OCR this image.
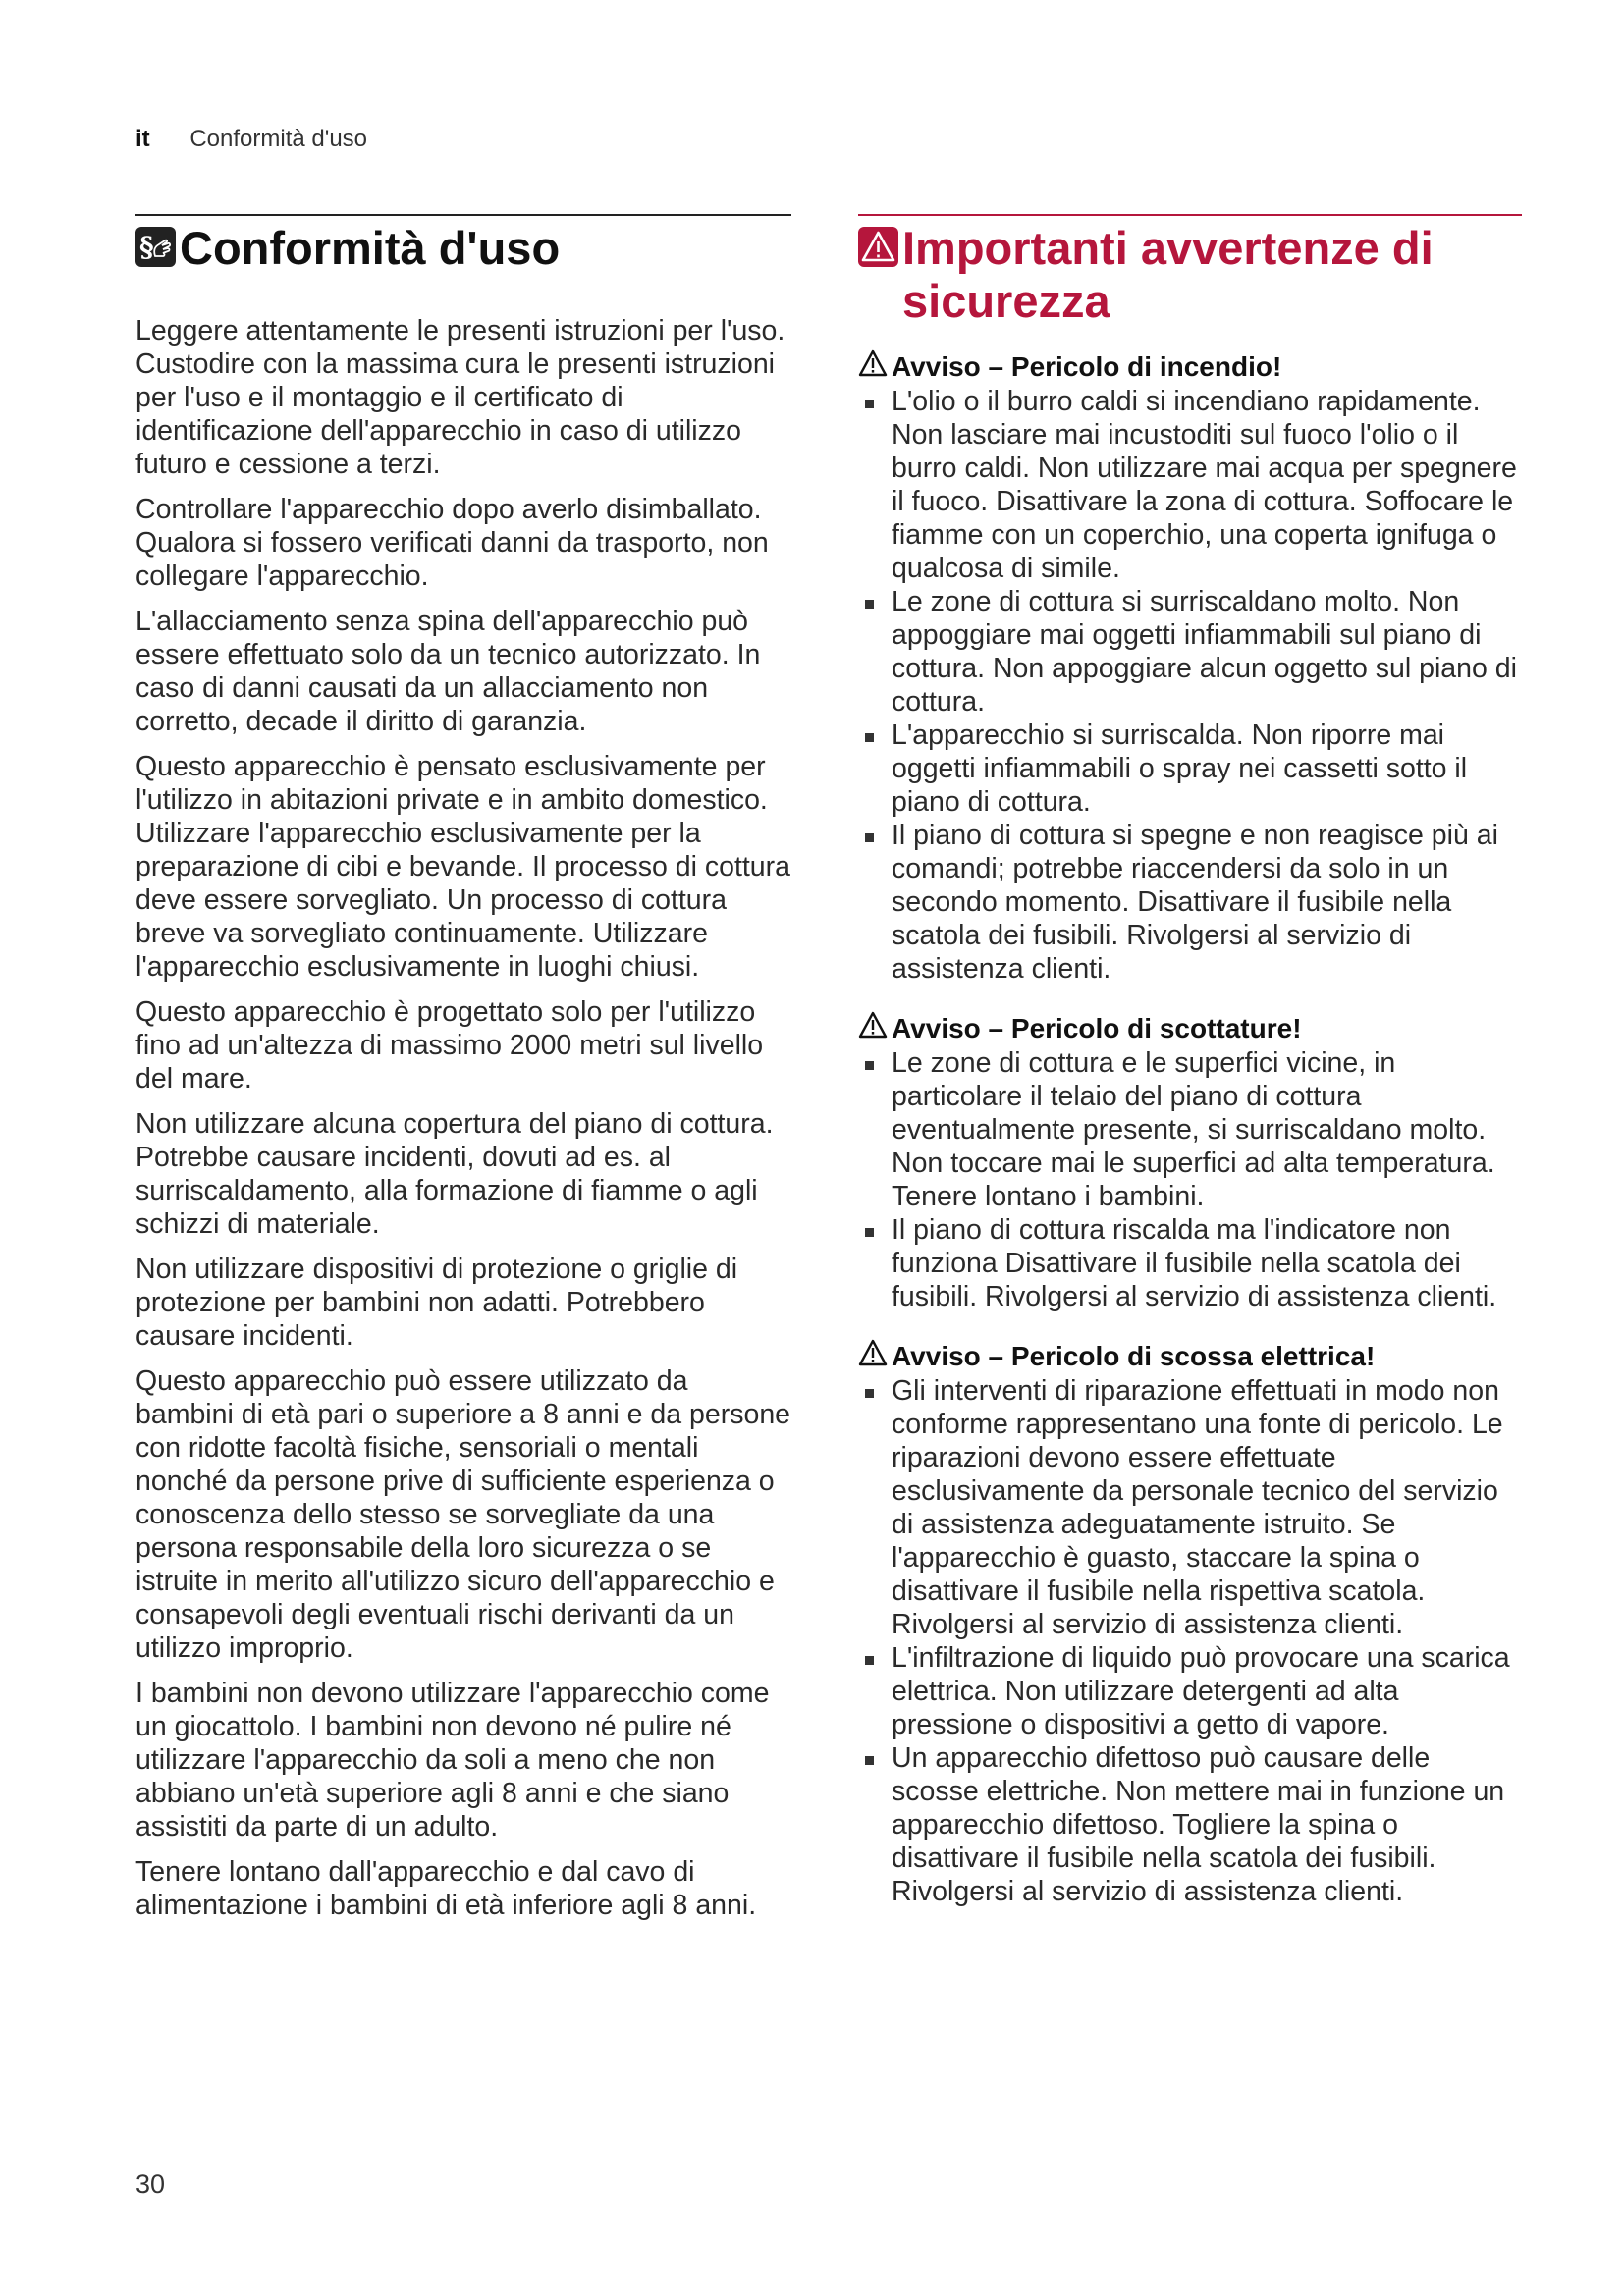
it Conformità d'uso
§ Conformità d'uso

Leggere attentamente le presenti istruzioni per l'uso. Custodire con la massima cura le presenti istruzioni per l'uso e il montaggio e il certificato di identificazione dell'apparecchio in caso di utilizzo futuro e cessione a terzi.

Controllare l'apparecchio dopo averlo disimballato. Qualora si fossero verificati danni da trasporto, non collegare l'apparecchio.

L'allacciamento senza spina dell'apparecchio può essere effettuato solo da un tecnico autorizzato. In caso di danni causati da un allacciamento non corretto, decade il diritto di garanzia.

Questo apparecchio è pensato esclusivamente per l'utilizzo in abitazioni private e in ambito domestico. Utilizzare l'apparecchio esclusivamente per la preparazione di cibi e bevande. Il processo di cottura deve essere sorvegliato. Un processo di cottura breve va sorvegliato continuamente. Utilizzare l'apparecchio esclusivamente in luoghi chiusi.

Questo apparecchio è progettato solo per l'utilizzo fino ad un'altezza di massimo 2000 metri sul livello del mare.

Non utilizzare alcuna copertura del piano di cottura. Potrebbe causare incidenti, dovuti ad es. al surriscaldamento, alla formazione di fiamme o agli schizzi di materiale.

Non utilizzare dispositivi di protezione o griglie di protezione per bambini non adatti. Potrebbero causare incidenti.

Questo apparecchio può essere utilizzato da bambini di età pari o superiore a 8 anni e da persone con ridotte facoltà fisiche, sensoriali o mentali nonché da persone prive di sufficiente esperienza o conoscenza dello stesso se sorvegliate da una persona responsabile della loro sicurezza o se istruite in merito all'utilizzo sicuro dell'apparecchio e consapevoli degli eventuali rischi derivanti da un utilizzo improprio.

I bambini non devono utilizzare l'apparecchio come un giocattolo. I bambini non devono né pulire né utilizzare l'apparecchio da soli a meno che non abbiano un'età superiore agli 8 anni e che siano assistiti da parte di un adulto.

Tenere lontano dall'apparecchio e dal cavo di alimentazione i bambini di età inferiore agli 8 anni.

Importanti avvertenze di sicurezza
Avviso – Pericolo di incendio!
L'olio o il burro caldi si incendiano rapidamente. Non lasciare mai incustoditi sul fuoco l'olio o il burro caldi. Non utilizzare mai acqua per spegnere il fuoco. Disattivare la zona di cottura. Soffocare le fiamme con un coperchio, una coperta ignifuga o qualcosa di simile.
Le zone di cottura si surriscaldano molto. Non appoggiare mai oggetti infiammabili sul piano di cottura. Non appoggiare alcun oggetto sul piano di cottura.
L'apparecchio si surriscalda. Non riporre mai oggetti infiammabili o spray nei cassetti sotto il piano di cottura.
Il piano di cottura si spegne e non reagisce più ai comandi; potrebbe riaccendersi da solo in un secondo momento. Disattivare il fusibile nella scatola dei fusibili. Rivolgersi al servizio di assistenza clienti.
Avviso – Pericolo di scottature!
Le zone di cottura e le superfici vicine, in particolare il telaio del piano di cottura eventualmente presente, si surriscaldano molto. Non toccare mai le superfici ad alta temperatura. Tenere lontano i bambini.
Il piano di cottura riscalda ma l'indicatore non funziona Disattivare il fusibile nella scatola dei fusibili. Rivolgersi al servizio di assistenza clienti.
Avviso – Pericolo di scossa elettrica!
Gli interventi di riparazione effettuati in modo non conforme rappresentano una fonte di pericolo. Le riparazioni devono essere effettuate esclusivamente da personale tecnico del servizio di assistenza adeguatamente istruito. Se l'apparecchio è guasto, staccare la spina o disattivare il fusibile nella rispettiva scatola. Rivolgersi al servizio di assistenza clienti.
L'infiltrazione di liquido può provocare una scarica elettrica. Non utilizzare detergenti ad alta pressione o dispositivi a getto di vapore.
Un apparecchio difettoso può causare delle scosse elettriche. Non mettere mai in funzione un apparecchio difettoso. Togliere la spina o disattivare il fusibile nella scatola dei fusibili. Rivolgersi al servizio di assistenza clienti.
30
